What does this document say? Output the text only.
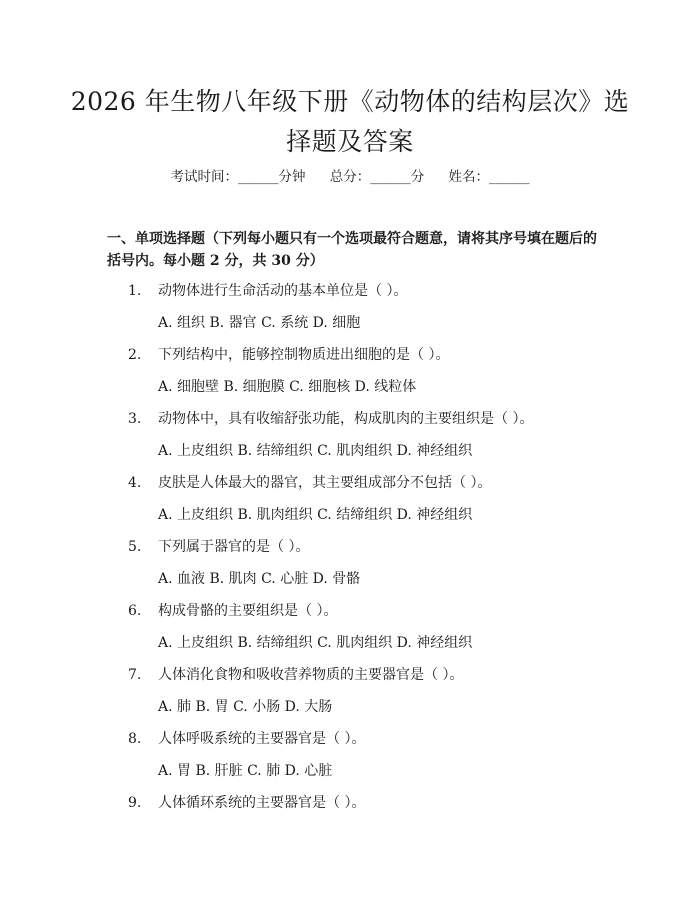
2026 年生物八年级下册《动物体的结构层次》选择题及答案
考试时间：______分钟 总分：______分 姓名：______

一、单项选择题（下列每小题只有一个选项最符合题意，请将其序号填在题后的括号内。每小题 2 分，共 30 分）

1.	动物体进行生命活动的基本单位是（ ）。
A. 组织 B. 器官 C. 系统 D. 细胞
2.	下列结构中，能够控制物质进出细胞的是（ ）。
A. 细胞壁 B. 细胞膜 C. 细胞核 D. 线粒体
3.	动物体中，具有收缩舒张功能，构成肌肉的主要组织是（ ）。
A. 上皮组织 B. 结缔组织 C. 肌肉组织 D. 神经组织
4.	皮肤是人体最大的器官，其主要组成部分不包括（ ）。
A. 上皮组织 B. 肌肉组织 C. 结缔组织 D. 神经组织
5.	下列属于器官的是（ ）。
A. 血液 B. 肌肉 C. 心脏 D. 骨骼
6.	构成骨骼的主要组织是（ ）。
A. 上皮组织 B. 结缔组织 C. 肌肉组织 D. 神经组织
7.	人体消化食物和吸收营养物质的主要器官是（ ）。
A. 肺 B. 胃 C. 小肠 D. 大肠
8.	人体呼吸系统的主要器官是（ ）。
A. 胃 B. 肝脏 C. 肺 D. 心脏
9.	人体循环系统的主要器官是（ ）。
